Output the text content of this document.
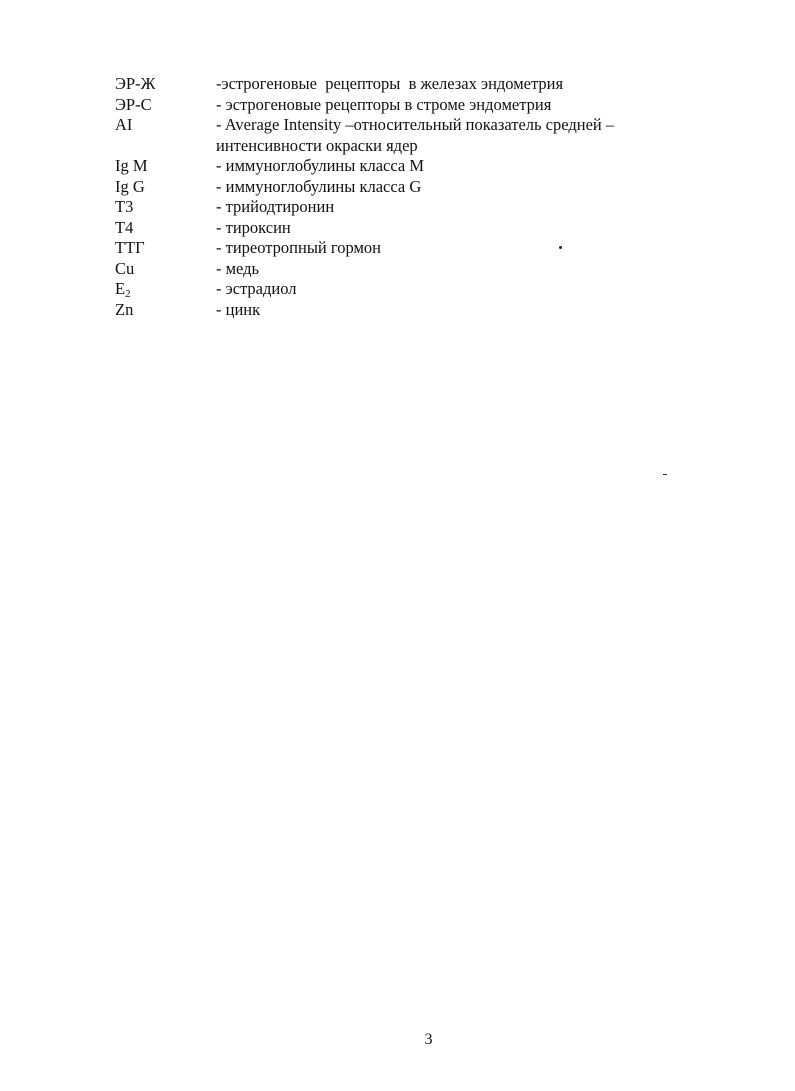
ЭР-Ж	-эстрогеновые  рецепторы  в железах эндометрия
ЭР-С	- эстрогеновые рецепторы в строме эндометрия
AI	- Average Intensity –относительный показатель средней –
интенсивности окраски ядер
Ig M	- иммуноглобулины класса М
Ig G	- иммуноглобулины класса G
Т3	- трийодтиронин
Т4	- тироксин
ТТГ	- тиреотропный гормон
Cu	- медь
$E_2$	- эстрадиол
Zn	- цинк
3
